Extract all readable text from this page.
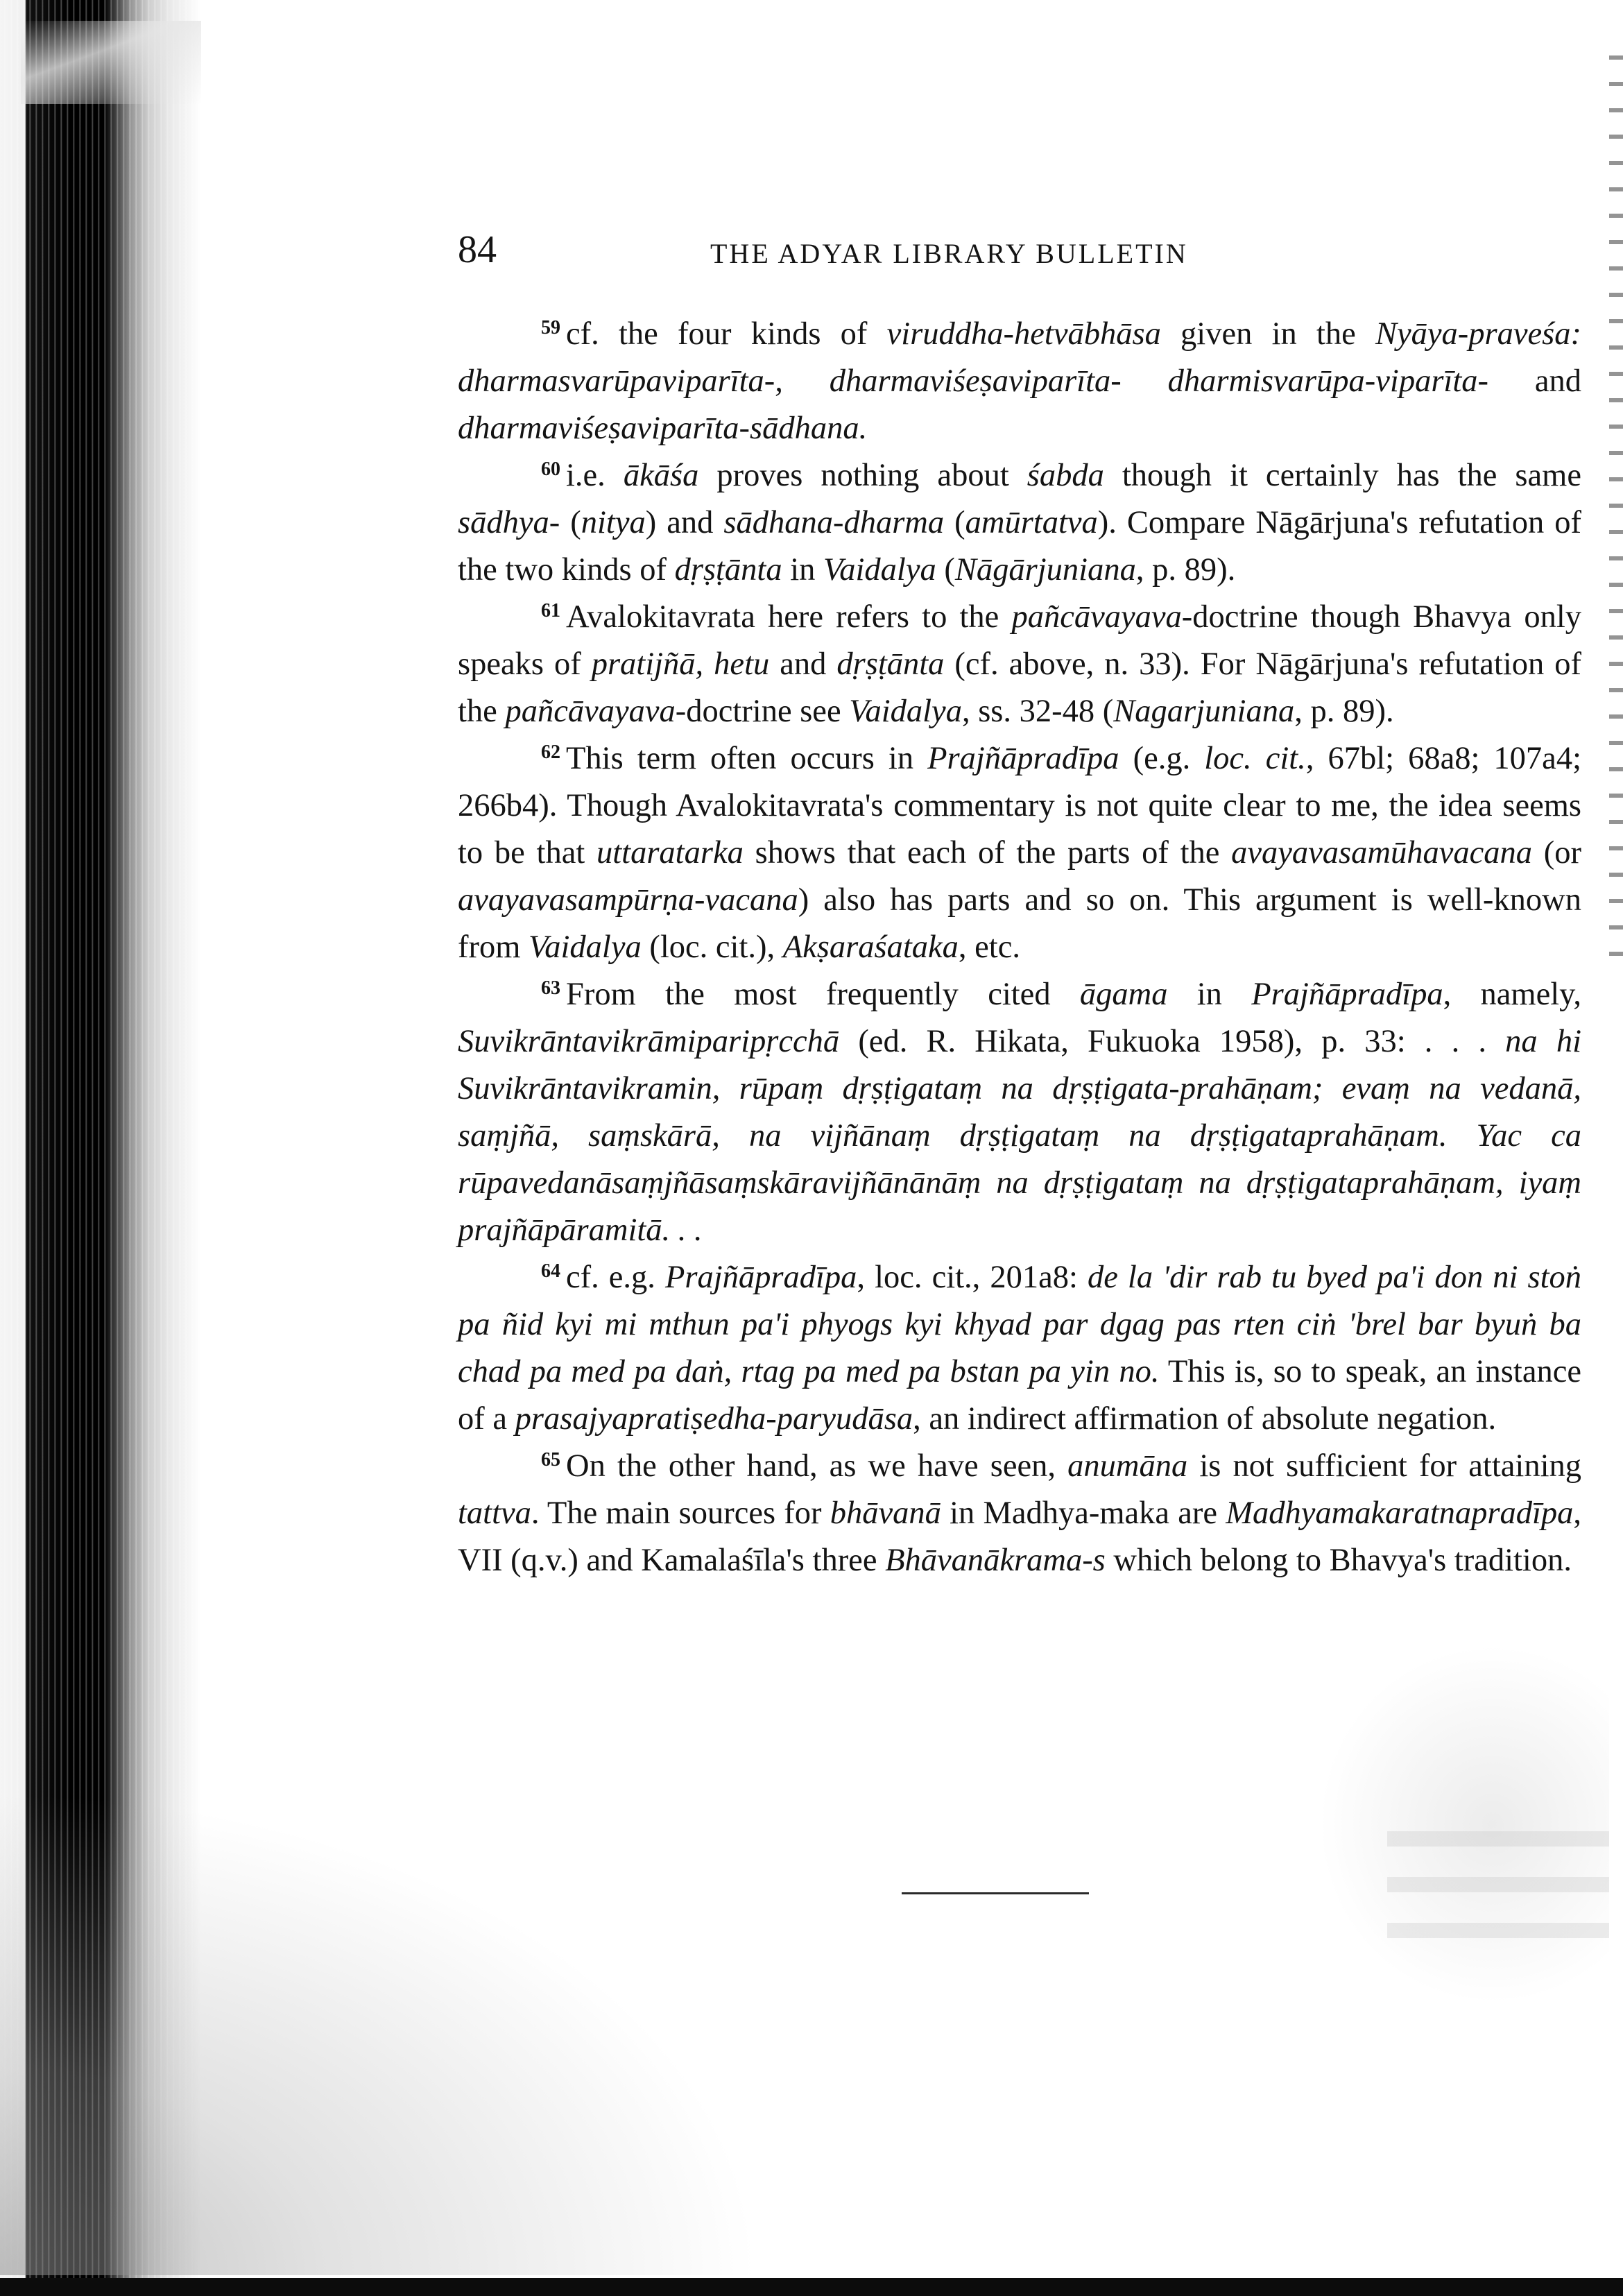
84	THE ADYAR LIBRARY BULLETIN

$^{59}$ cf. the four kinds of viruddha-hetvābhāsa given in the Nyāya-praveśa: dharmasvarūpaviparīta-, dharmaviśeṣaviparīta- dharmisvarūpa-viparīta- and dharmaviśeṣaviparīta-sādhana.

$^{60}$ i.e. ākāśa proves nothing about śabda though it certainly has the same sādhya- (nitya) and sādhana-dharma (amūrtatva). Compare Nāgārjuna's refutation of the two kinds of dṛṣṭānta in Vaidalya (Nāgārjuniana, p. 89).

$^{61}$ Avalokitavrata here refers to the pañcāvayava-doctrine though Bhavya only speaks of pratijñā, hetu and dṛṣṭānta (cf. above, n. 33). For Nāgārjuna's refutation of the pañcāvayava-doctrine see Vaidalya, ss. 32-48 (Nagarjuniana, p. 89).

$^{62}$ This term often occurs in Prajñāpradīpa (e.g. loc. cit., 67bl; 68a8; 107a4; 266b4). Though Avalokitavrata's commentary is not quite clear to me, the idea seems to be that uttaratarka shows that each of the parts of the avayavasamūhavacana (or avayavasampūrṇa-vacana) also has parts and so on. This argument is well-known from Vaidalya (loc. cit.), Akṣaraśataka, etc.

$^{63}$ From the most frequently cited āgama in Prajñāpradīpa, namely, Suvikrāntavikrāmiparipṛcchā (ed. R. Hikata, Fukuoka 1958), p. 33: . . . na hi Suvikrāntavikramin, rūpaṃ dṛṣṭigataṃ na dṛṣṭigata-prahāṇam; evaṃ na vedanā, saṃjñā, saṃskārā, na vijñānaṃ dṛṣṭigataṃ na dṛṣṭigataprahāṇam. Yac ca rūpavedanāsaṃjñāsaṃskāravijñānānāṃ na dṛṣṭigataṃ na dṛṣṭigataprahāṇam, iyaṃ prajñāpāramitā. . .

$^{64}$ cf. e.g. Prajñāpradīpa, loc. cit., 201a8: de la 'dir rab tu byed pa'i don ni stoṅ pa ñid kyi mi mthun pa'i phyogs kyi khyad par dgag pas rten ciṅ 'brel bar byuṅ ba chad pa med pa daṅ, rtag pa med pa bstan pa yin no. This is, so to speak, an instance of a prasajyapratiṣedha-paryudāsa, an indirect affirmation of absolute negation.

$^{65}$ On the other hand, as we have seen, anumāna is not sufficient for attaining tattva. The main sources for bhāvanā in Madhya-maka are Madhyamakaratnapradīpa, VII (q.v.) and Kamalaśīla's three Bhāvanākrama-s which belong to Bhavya's tradition.
